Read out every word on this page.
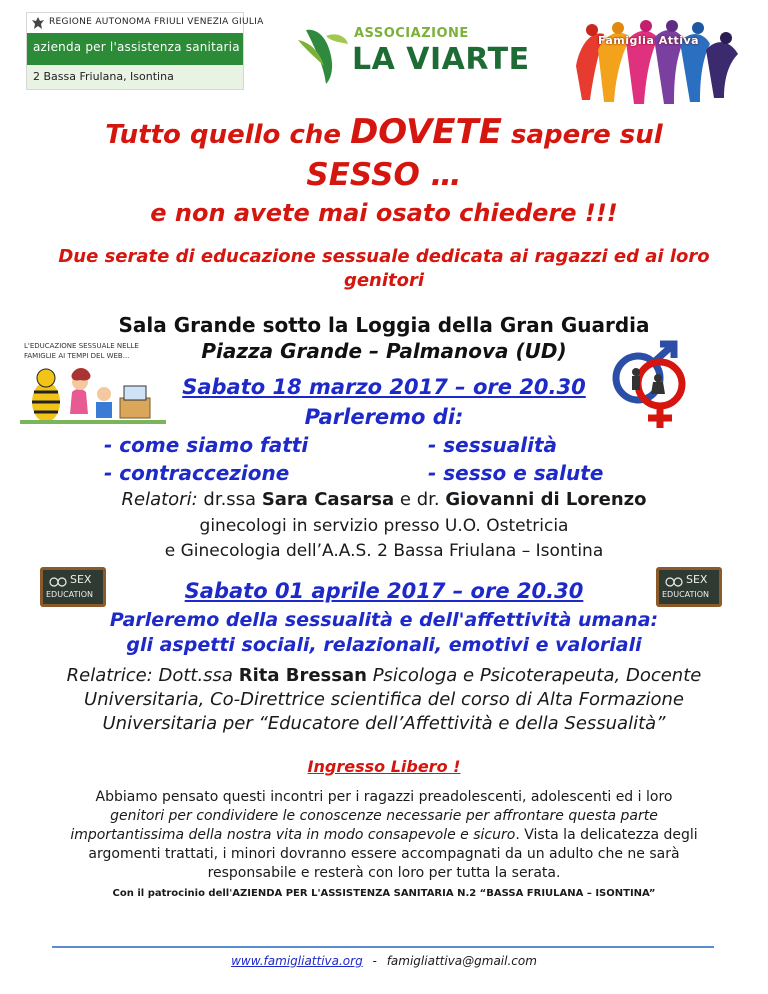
REGIONE AUTONOMA FRIULI VENEZIA GIULIA
azienda per l'assistenza sanitaria
2 Bassa Friulana, Isontina
ASSOCIAZIONE
LA VIARTE
Famiglia Attiva
Tutto quello che DOVETE sapere sul
SESSO …
e non avete mai osato chiedere !!!
Due serate di educazione sessuale dedicata ai ragazzi ed ai loro genitori
Sala Grande sotto la Loggia della Gran Guardia
Piazza Grande – Palmanova (UD)
L'EDUCAZIONE SESSUALE NELLE
FAMIGLIE AI TEMPI DEL WEB...
Sabato 18 marzo 2017 – ore 20.30
Parleremo di:
- come siamo fatti	- sessualità
- contraccezione	- sesso e salute
Relatori: dr.ssa Sara Casarsa e dr. Giovanni di Lorenzo
ginecologi in servizio presso U.O. Ostetricia
e Ginecologia dell’A.A.S. 2 Bassa Friulana – Isontina
SEX
EDUCATION
SEX
EDUCATION
Sabato 01 aprile 2017 – ore 20.30
Parleremo della sessualità e dell'affettività umana:
gli aspetti sociali, relazionali, emotivi e valoriali
Relatrice: Dott.ssa Rita Bressan Psicologa e Psicoterapeuta, Docente
Universitaria, Co-Direttrice scientifica del corso di Alta Formazione
Universitaria per “Educatore dell’Affettività e della Sessualità”
Ingresso Libero !
Abbiamo pensato questi incontri per i ragazzi preadolescenti, adolescenti ed i loro
genitori per condividere le conoscenze necessarie per affrontare questa parte
importantissima della nostra vita in modo consapevole e sicuro. Vista la delicatezza degli
argomenti trattati, i minori dovranno essere accompagnati da un adulto che ne sarà
responsabile e resterà con loro per tutta la serata.
Con il patrocinio dell'AZIENDA PER L'ASSISTENZA SANITARIA N.2 “BASSA FRIULANA – ISONTINA”
www.famigliattiva.org - famigliattiva@gmail.com
